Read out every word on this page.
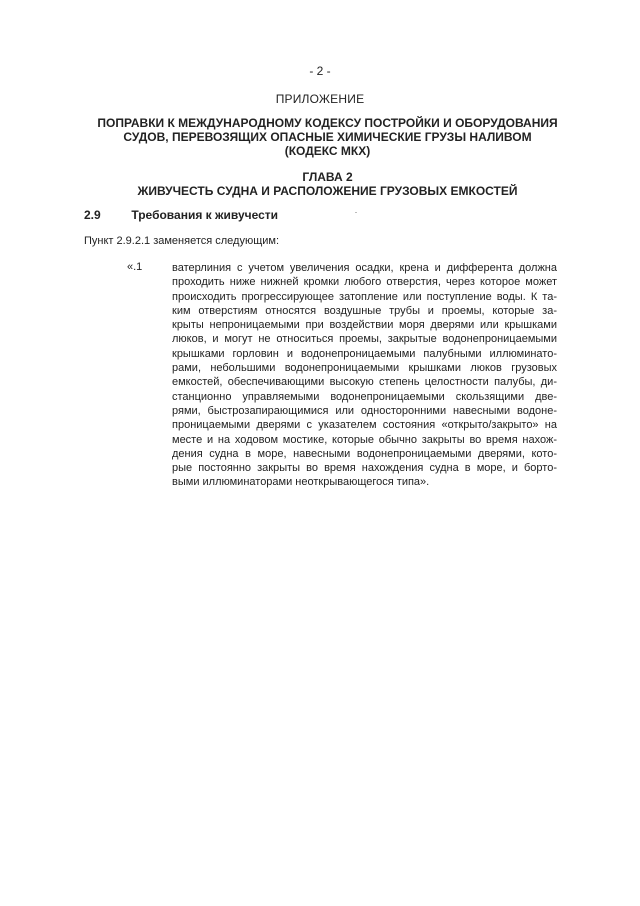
- 2 -
ПРИЛОЖЕНИЕ
ПОПРАВКИ К МЕЖДУНАРОДНОМУ КОДЕКСУ ПОСТРОЙКИ И ОБОРУДОВАНИЯ
СУДОВ, ПЕРЕВОЗЯЩИХ ОПАСНЫЕ ХИМИЧЕСКИЕ ГРУЗЫ НАЛИВОМ
(КОДЕКС МКХ)
ГЛАВА 2
ЖИВУЧЕСТЬ СУДНА И РАСПОЛОЖЕНИЕ ГРУЗОВЫХ ЕМКОСТЕЙ
2.9	Требования к живучести
Пункт 2.9.2.1 заменяется следующим:
«.1	ватерлиния с учетом увеличения осадки, крена и дифферента должна
проходить ниже нижней кромки любого отверстия, через которое может
происходить прогрессирующее затопление или поступление воды. К та-
ким отверстиям относятся воздушные трубы и проемы, которые за-
крыты непроницаемыми при воздействии моря дверями или крышками
люков, и могут не относиться проемы, закрытые водонепроницаемыми
крышками горловин и водонепроницаемыми палубными иллюминато-
рами, небольшими водонепроницаемыми крышками люков грузовых
емкостей, обеспечивающими высокую степень целостности палубы, ди-
станционно управляемыми водонепроницаемыми скользящими две-
рями, быстрозапирающимися или односторонними навесными водоне-
проницаемыми дверями с указателем состояния «открыто/закрыто» на
месте и на ходовом мостике, которые обычно закрыты во время нахож-
дения судна в море, навесными водонепроницаемыми дверями, кото-
рые постоянно закрыты во время нахождения судна в море, и борто-
выми иллюминаторами неоткрывающегося типа».
